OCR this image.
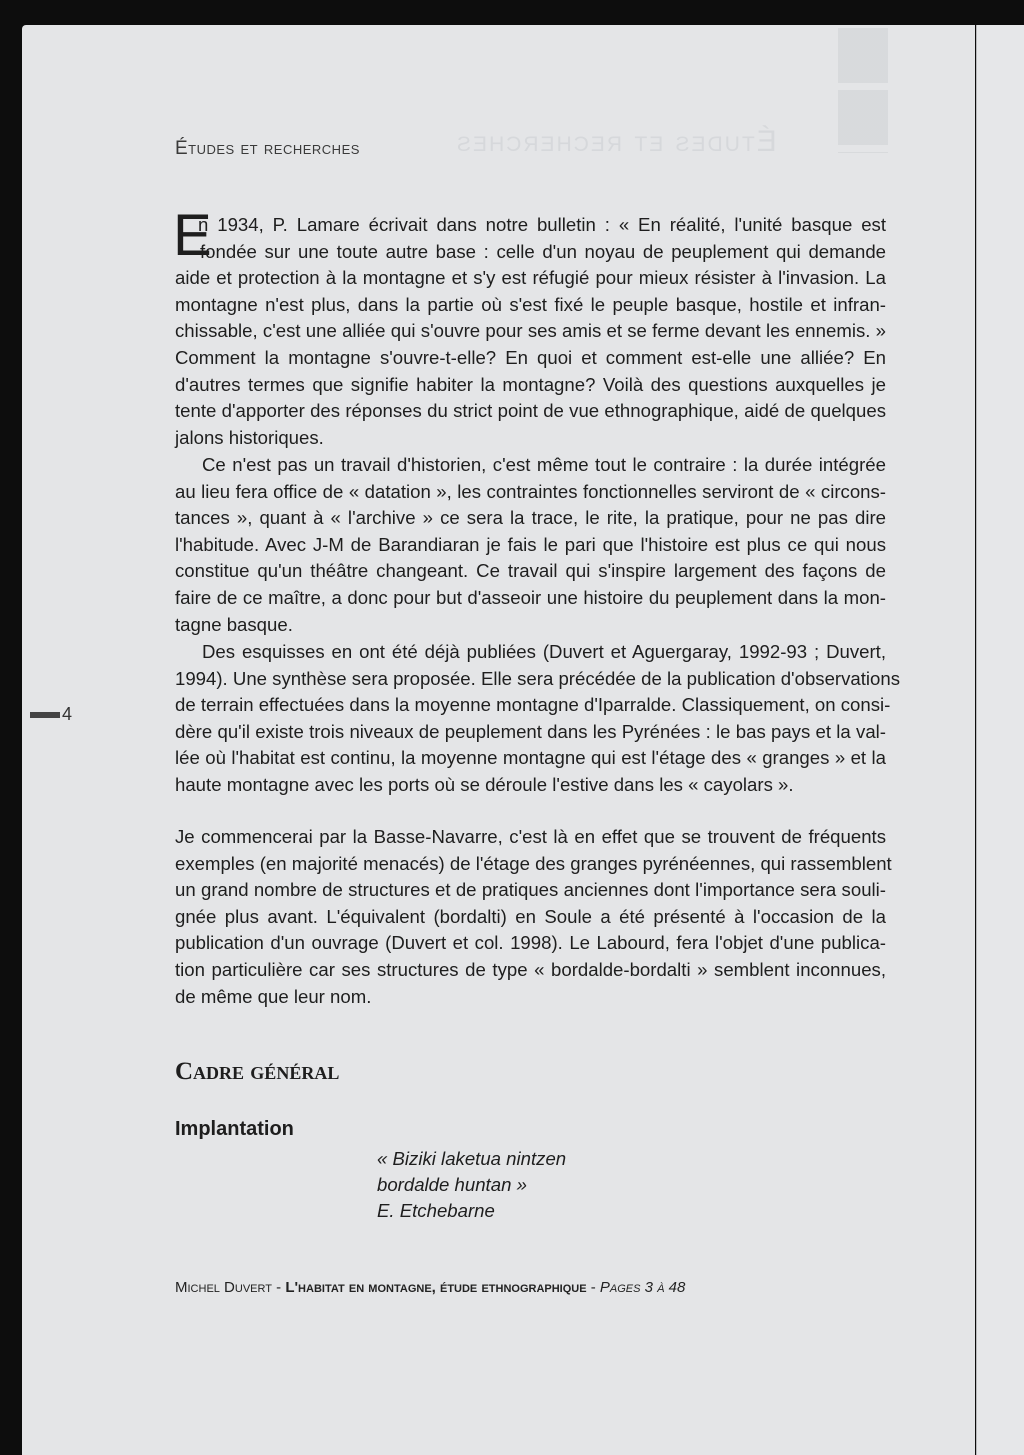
Études et recherches
Études et recherches
E
n 1934, P. Lamare écrivait dans notre bulletin : « En réalité, l'unité basque est
fondée sur une toute autre base : celle d'un noyau de peuplement qui demande
aide et protection à la montagne et s'y est réfugié pour mieux résister à l'invasion. La
montagne n'est plus, dans la partie où s'est fixé le peuple basque, hostile et infran-
chissable, c'est une alliée qui s'ouvre pour ses amis et se ferme devant les ennemis. »
Comment la montagne s'ouvre-t-elle? En quoi et comment est-elle une alliée? En
d'autres termes que signifie habiter la montagne? Voilà des questions auxquelles je
tente d'apporter des réponses du strict point de vue ethnographique, aidé de quelques
jalons historiques.
Ce n'est pas un travail d'historien, c'est même tout le contraire : la durée intégrée
au lieu fera office de « datation », les contraintes fonctionnelles serviront de « circons-
tances », quant à « l'archive » ce sera la trace, le rite, la pratique, pour ne pas dire
l'habitude. Avec J-M de Barandiaran je fais le pari que l'histoire est plus ce qui nous
constitue qu'un théâtre changeant. Ce travail qui s'inspire largement des façons de
faire de ce maître, a donc pour but d'asseoir une histoire du peuplement dans la mon-
tagne basque.
Des esquisses en ont été déjà publiées (Duvert et Aguergaray, 1992-93 ; Duvert,
1994). Une synthèse sera proposée. Elle sera précédée de la publication d'observations
de terrain effectuées dans la moyenne montagne d'Iparralde. Classiquement, on consi-
dère qu'il existe trois niveaux de peuplement dans les Pyrénées : le bas pays et la val-
lée où l'habitat est continu, la moyenne montagne qui est l'étage des « granges » et la
haute montagne avec les ports où se déroule l'estive dans les « cayolars ».
Je commencerai par la Basse-Navarre, c'est là en effet que se trouvent de fréquents
exemples (en majorité menacés) de l'étage des granges pyrénéennes, qui rassemblent
un grand nombre de structures et de pratiques anciennes dont l'importance sera souli-
gnée plus avant. L'équivalent (bordalti) en Soule a été présenté à l'occasion de la
publication d'un ouvrage (Duvert et col. 1998). Le Labourd, fera l'objet d'une publica-
tion particulière car ses structures de type « bordalde-bordalti » semblent inconnues,
de même que leur nom.
4
Cadre général
Implantation
« Biziki laketua nintzen
bordalde huntan »
E. Etchebarne
Michel Duvert - L'habitat en montagne, étude ethnographique - Pages 3 à 48
